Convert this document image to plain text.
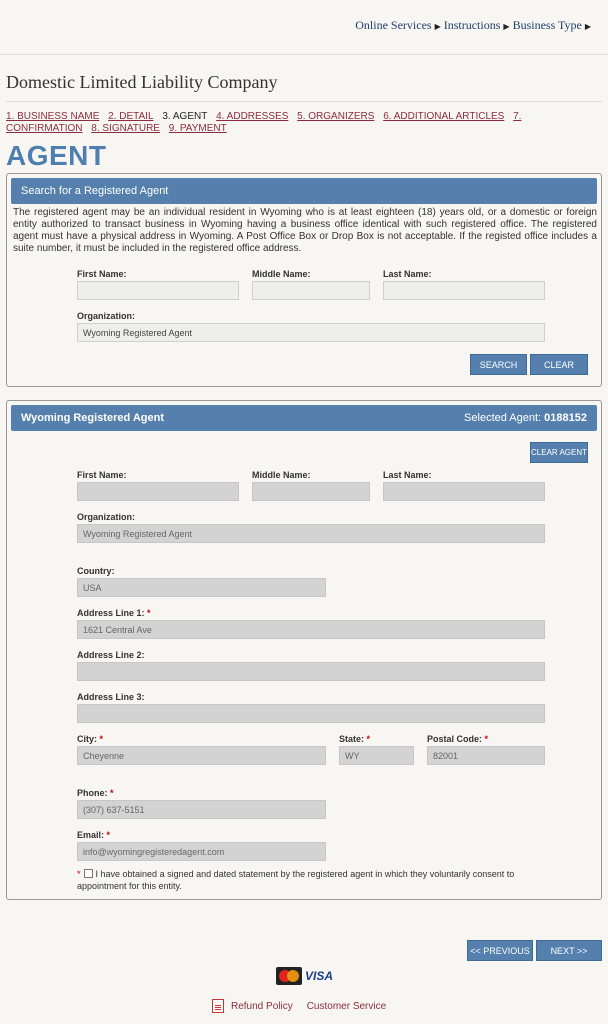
Online Services ▶ Instructions ▶ Business Type ▶
Domestic Limited Liability Company
1. BUSINESS NAME 2. DETAIL 3. AGENT 4. ADDRESSES 5. ORGANIZERS 6. ADDITIONAL ARTICLES 7. CONFIRMATION 8. SIGNATURE 9. PAYMENT
AGENT
Search for a Registered Agent
The registered agent may be an individual resident in Wyoming who is at least eighteen (18) years old, or a domestic or foreign entity authorized to transact business in Wyoming having a business office identical with such registered office. The registered agent must have a physical address in Wyoming. A Post Office Box or Drop Box is not acceptable. If the registed office includes a suite number, it must be included in the registered office address.
First Name:	Middle Name:	Last Name:
Organization:
Wyoming Registered Agent
SEARCH	CLEAR
Wyoming Registered Agent	Selected Agent: 0188152
CLEAR AGENT
First Name:	Middle Name:	Last Name:
Organization:
Wyoming Registered Agent
Country:
USA
Address Line 1: *
1621 Central Ave
Address Line 2:
Address Line 3:
City: *
Cheyenne
State: *
WY
Postal Code: *
82001
Phone: *
(307) 637-5151
Email: *
info@wyomingregisteredagent.com
* I have obtained a signed and dated statement by the registered agent in which they voluntarily consent to appointment for this entity.
<< PREVIOUS	NEXT >>
VISA
Refund Policy Customer Service
